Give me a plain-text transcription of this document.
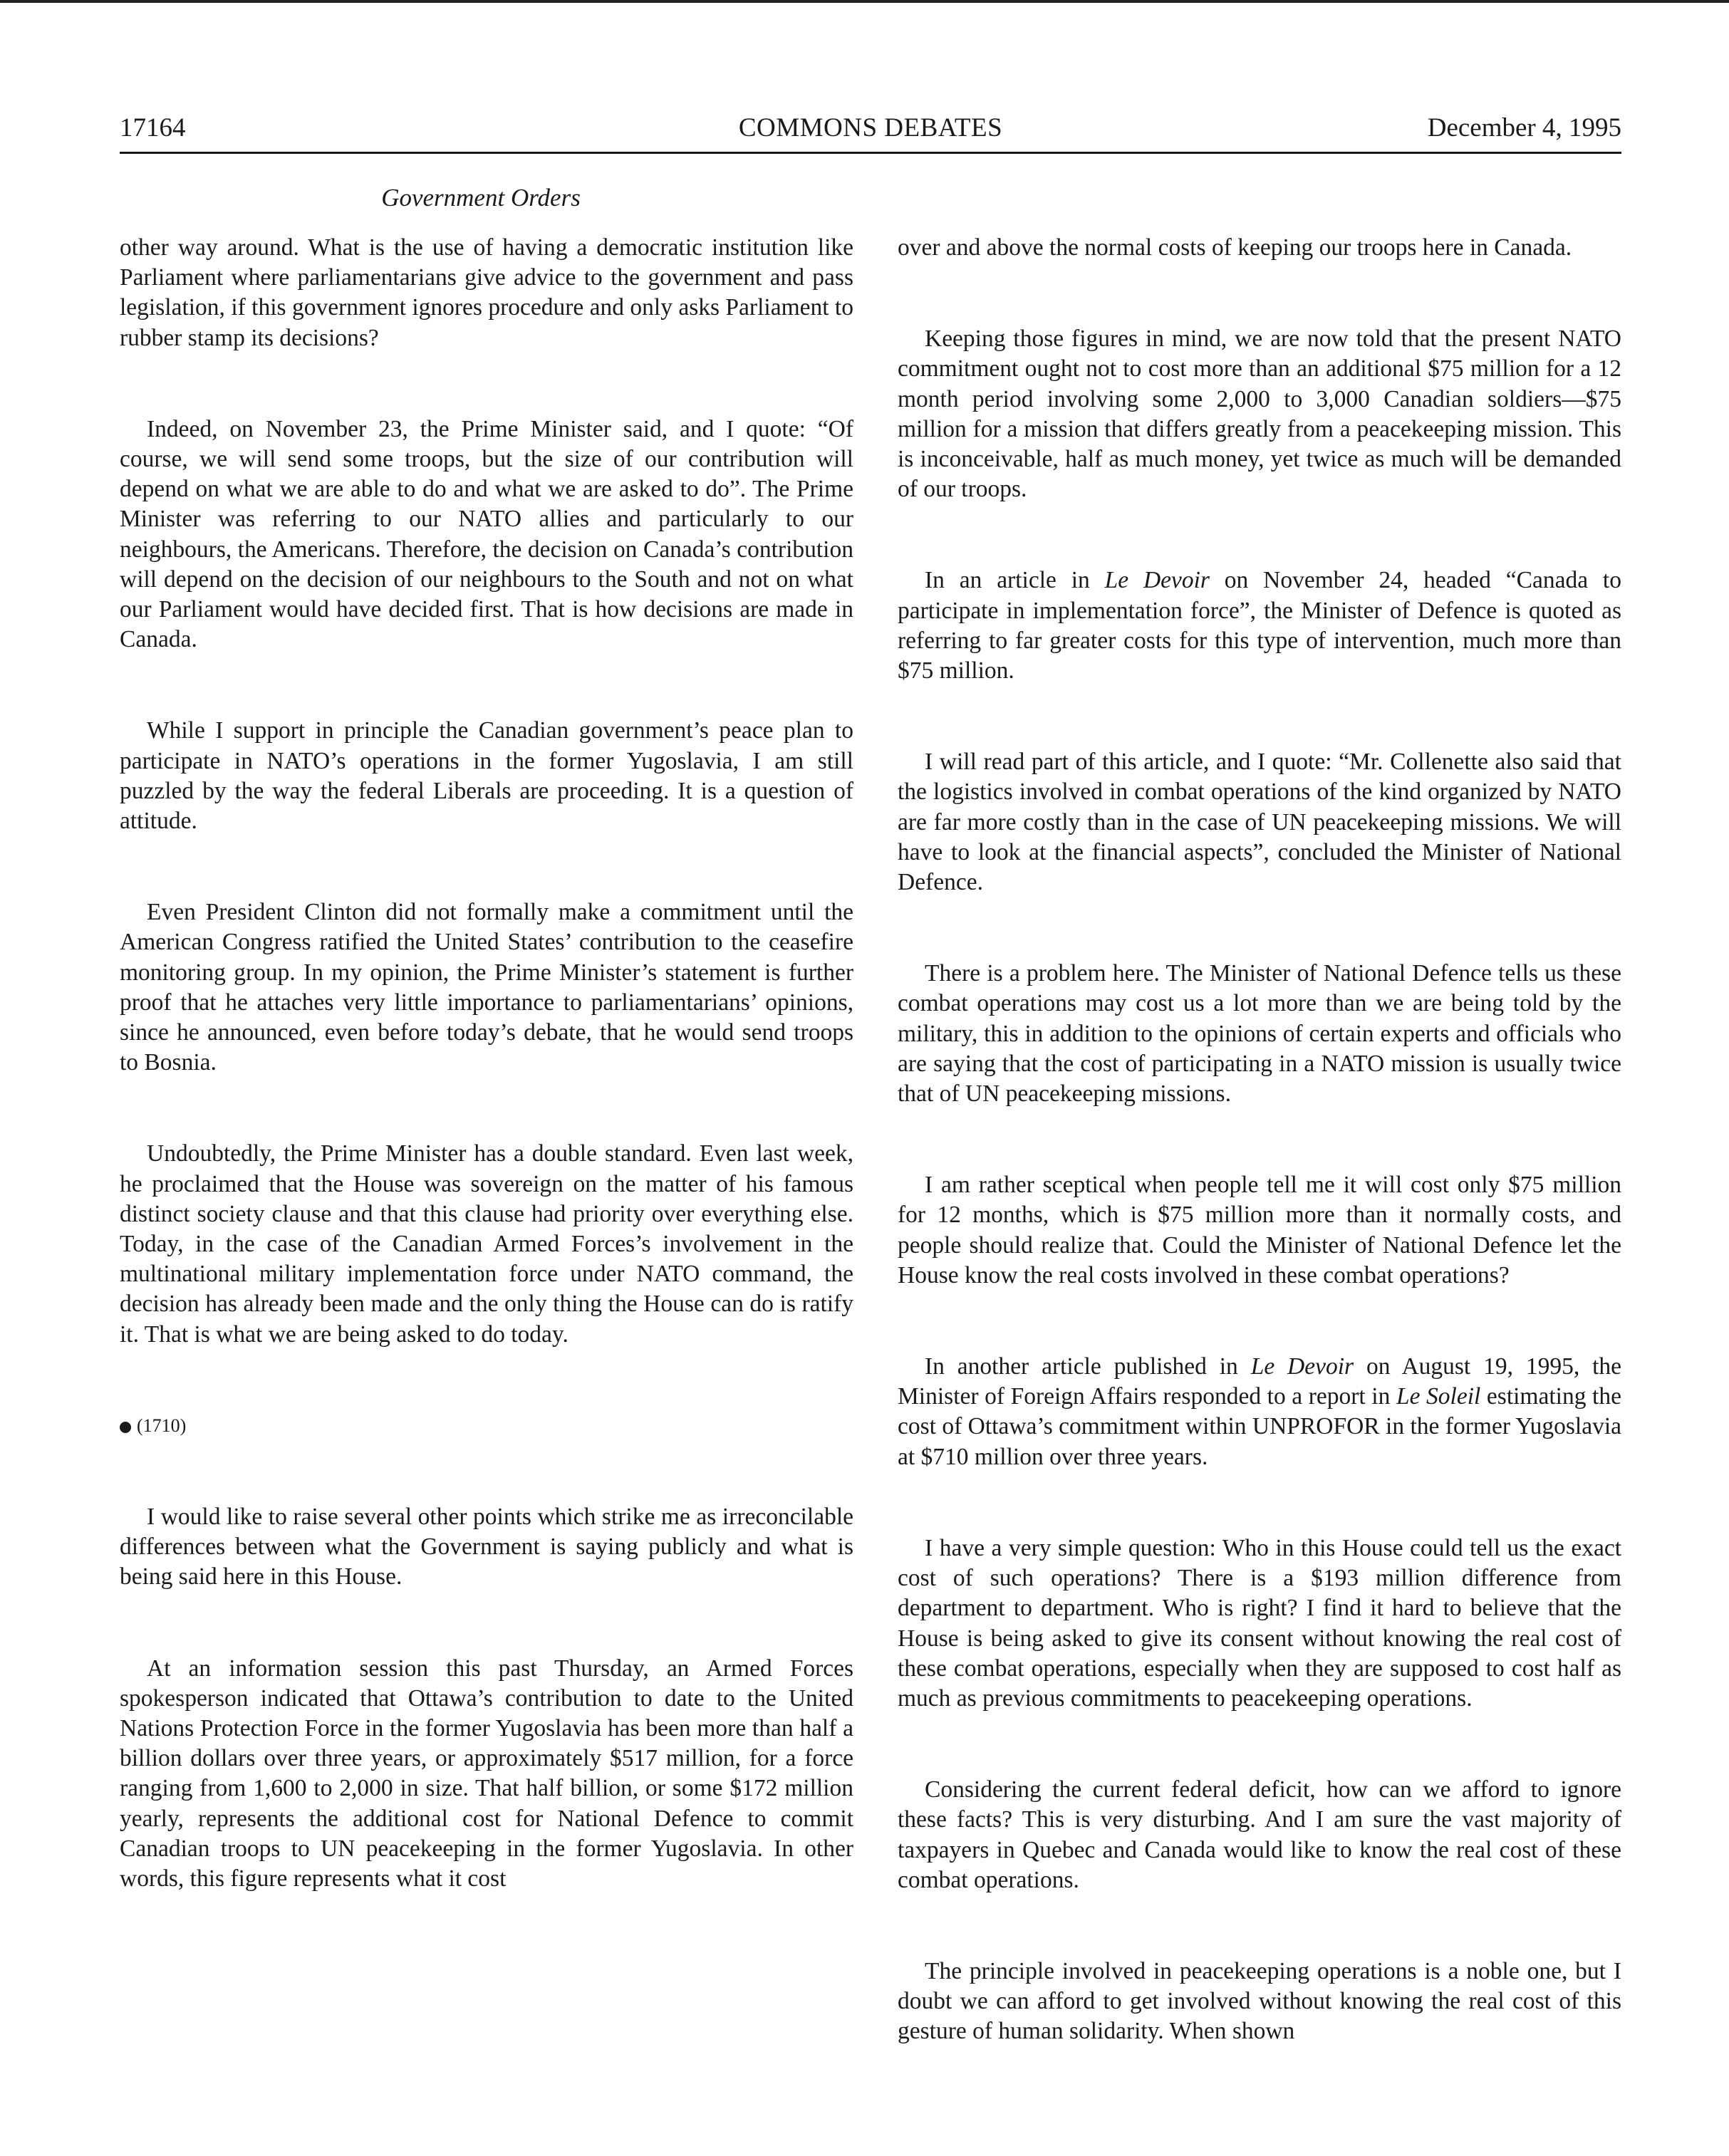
17164	COMMONS DEBATES	December 4, 1995
Government Orders

other way around. What is the use of having a democratic institution like Parliament where parliamentarians give advice to the government and pass legislation, if this government ignores procedure and only asks Parliament to rubber stamp its decisions?

Indeed, on November 23, the Prime Minister said, and I quote: “Of course, we will send some troops, but the size of our contribution will depend on what we are able to do and what we are asked to do”. The Prime Minister was referring to our NATO allies and particularly to our neighbours, the Americans. Therefore, the decision on Canada’s contribution will depend on the decision of our neighbours to the South and not on what our Parliament would have decided first. That is how decisions are made in Canada.

While I support in principle the Canadian government’s peace plan to participate in NATO’s operations in the former Yugoslavia, I am still puzzled by the way the federal Liberals are proceeding. It is a question of attitude.

Even President Clinton did not formally make a commitment until the American Congress ratified the United States’ contribution to the ceasefire monitoring group. In my opinion, the Prime Minister’s statement is further proof that he attaches very little importance to parliamentarians’ opinions, since he announced, even before today’s debate, that he would send troops to Bosnia.

Undoubtedly, the Prime Minister has a double standard. Even last week, he proclaimed that the House was sovereign on the matter of his famous distinct society clause and that this clause had priority over everything else. Today, in the case of the Canadian Armed Forces’s involvement in the multinational military implementation force under NATO command, the decision has already been made and the only thing the House can do is ratify it. That is what we are being asked to do today.

(1710)

I would like to raise several other points which strike me as irreconcilable differences between what the Government is saying publicly and what is being said here in this House.

At an information session this past Thursday, an Armed Forces spokesperson indicated that Ottawa’s contribution to date to the United Nations Protection Force in the former Yugoslavia has been more than half a billion dollars over three years, or approximately $517 million, for a force ranging from 1,600 to 2,000 in size. That half billion, or some $172 million yearly, represents the additional cost for National Defence to commit Canadian troops to UN peacekeeping in the former Yugoslavia. In other words, this figure represents what it cost

over and above the normal costs of keeping our troops here in Canada.

Keeping those figures in mind, we are now told that the present NATO commitment ought not to cost more than an additional $75 million for a 12 month period involving some 2,000 to 3,000 Canadian soldiers—$75 million for a mission that differs greatly from a peacekeeping mission. This is inconceivable, half as much money, yet twice as much will be demanded of our troops.

In an article in Le Devoir on November 24, headed “Canada to participate in implementation force”, the Minister of Defence is quoted as referring to far greater costs for this type of intervention, much more than $75 million.

I will read part of this article, and I quote: “Mr. Collenette also said that the logistics involved in combat operations of the kind organized by NATO are far more costly than in the case of UN peacekeeping missions. We will have to look at the financial aspects”, concluded the Minister of National Defence.

There is a problem here. The Minister of National Defence tells us these combat operations may cost us a lot more than we are being told by the military, this in addition to the opinions of certain experts and officials who are saying that the cost of participating in a NATO mission is usually twice that of UN peacekeeping missions.

I am rather sceptical when people tell me it will cost only $75 million for 12 months, which is $75 million more than it normally costs, and people should realize that. Could the Minister of National Defence let the House know the real costs involved in these combat operations?

In another article published in Le Devoir on August 19, 1995, the Minister of Foreign Affairs responded to a report in Le Soleil estimating the cost of Ottawa’s commitment within UNPROFOR in the former Yugoslavia at $710 million over three years.

I have a very simple question: Who in this House could tell us the exact cost of such operations? There is a $193 million difference from department to department. Who is right? I find it hard to believe that the House is being asked to give its consent without knowing the real cost of these combat operations, especially when they are supposed to cost half as much as previous commitments to peacekeeping operations.

Considering the current federal deficit, how can we afford to ignore these facts? This is very disturbing. And I am sure the vast majority of taxpayers in Quebec and Canada would like to know the real cost of these combat operations.

The principle involved in peacekeeping operations is a noble one, but I doubt we can afford to get involved without knowing the real cost of this gesture of human solidarity. When shown
